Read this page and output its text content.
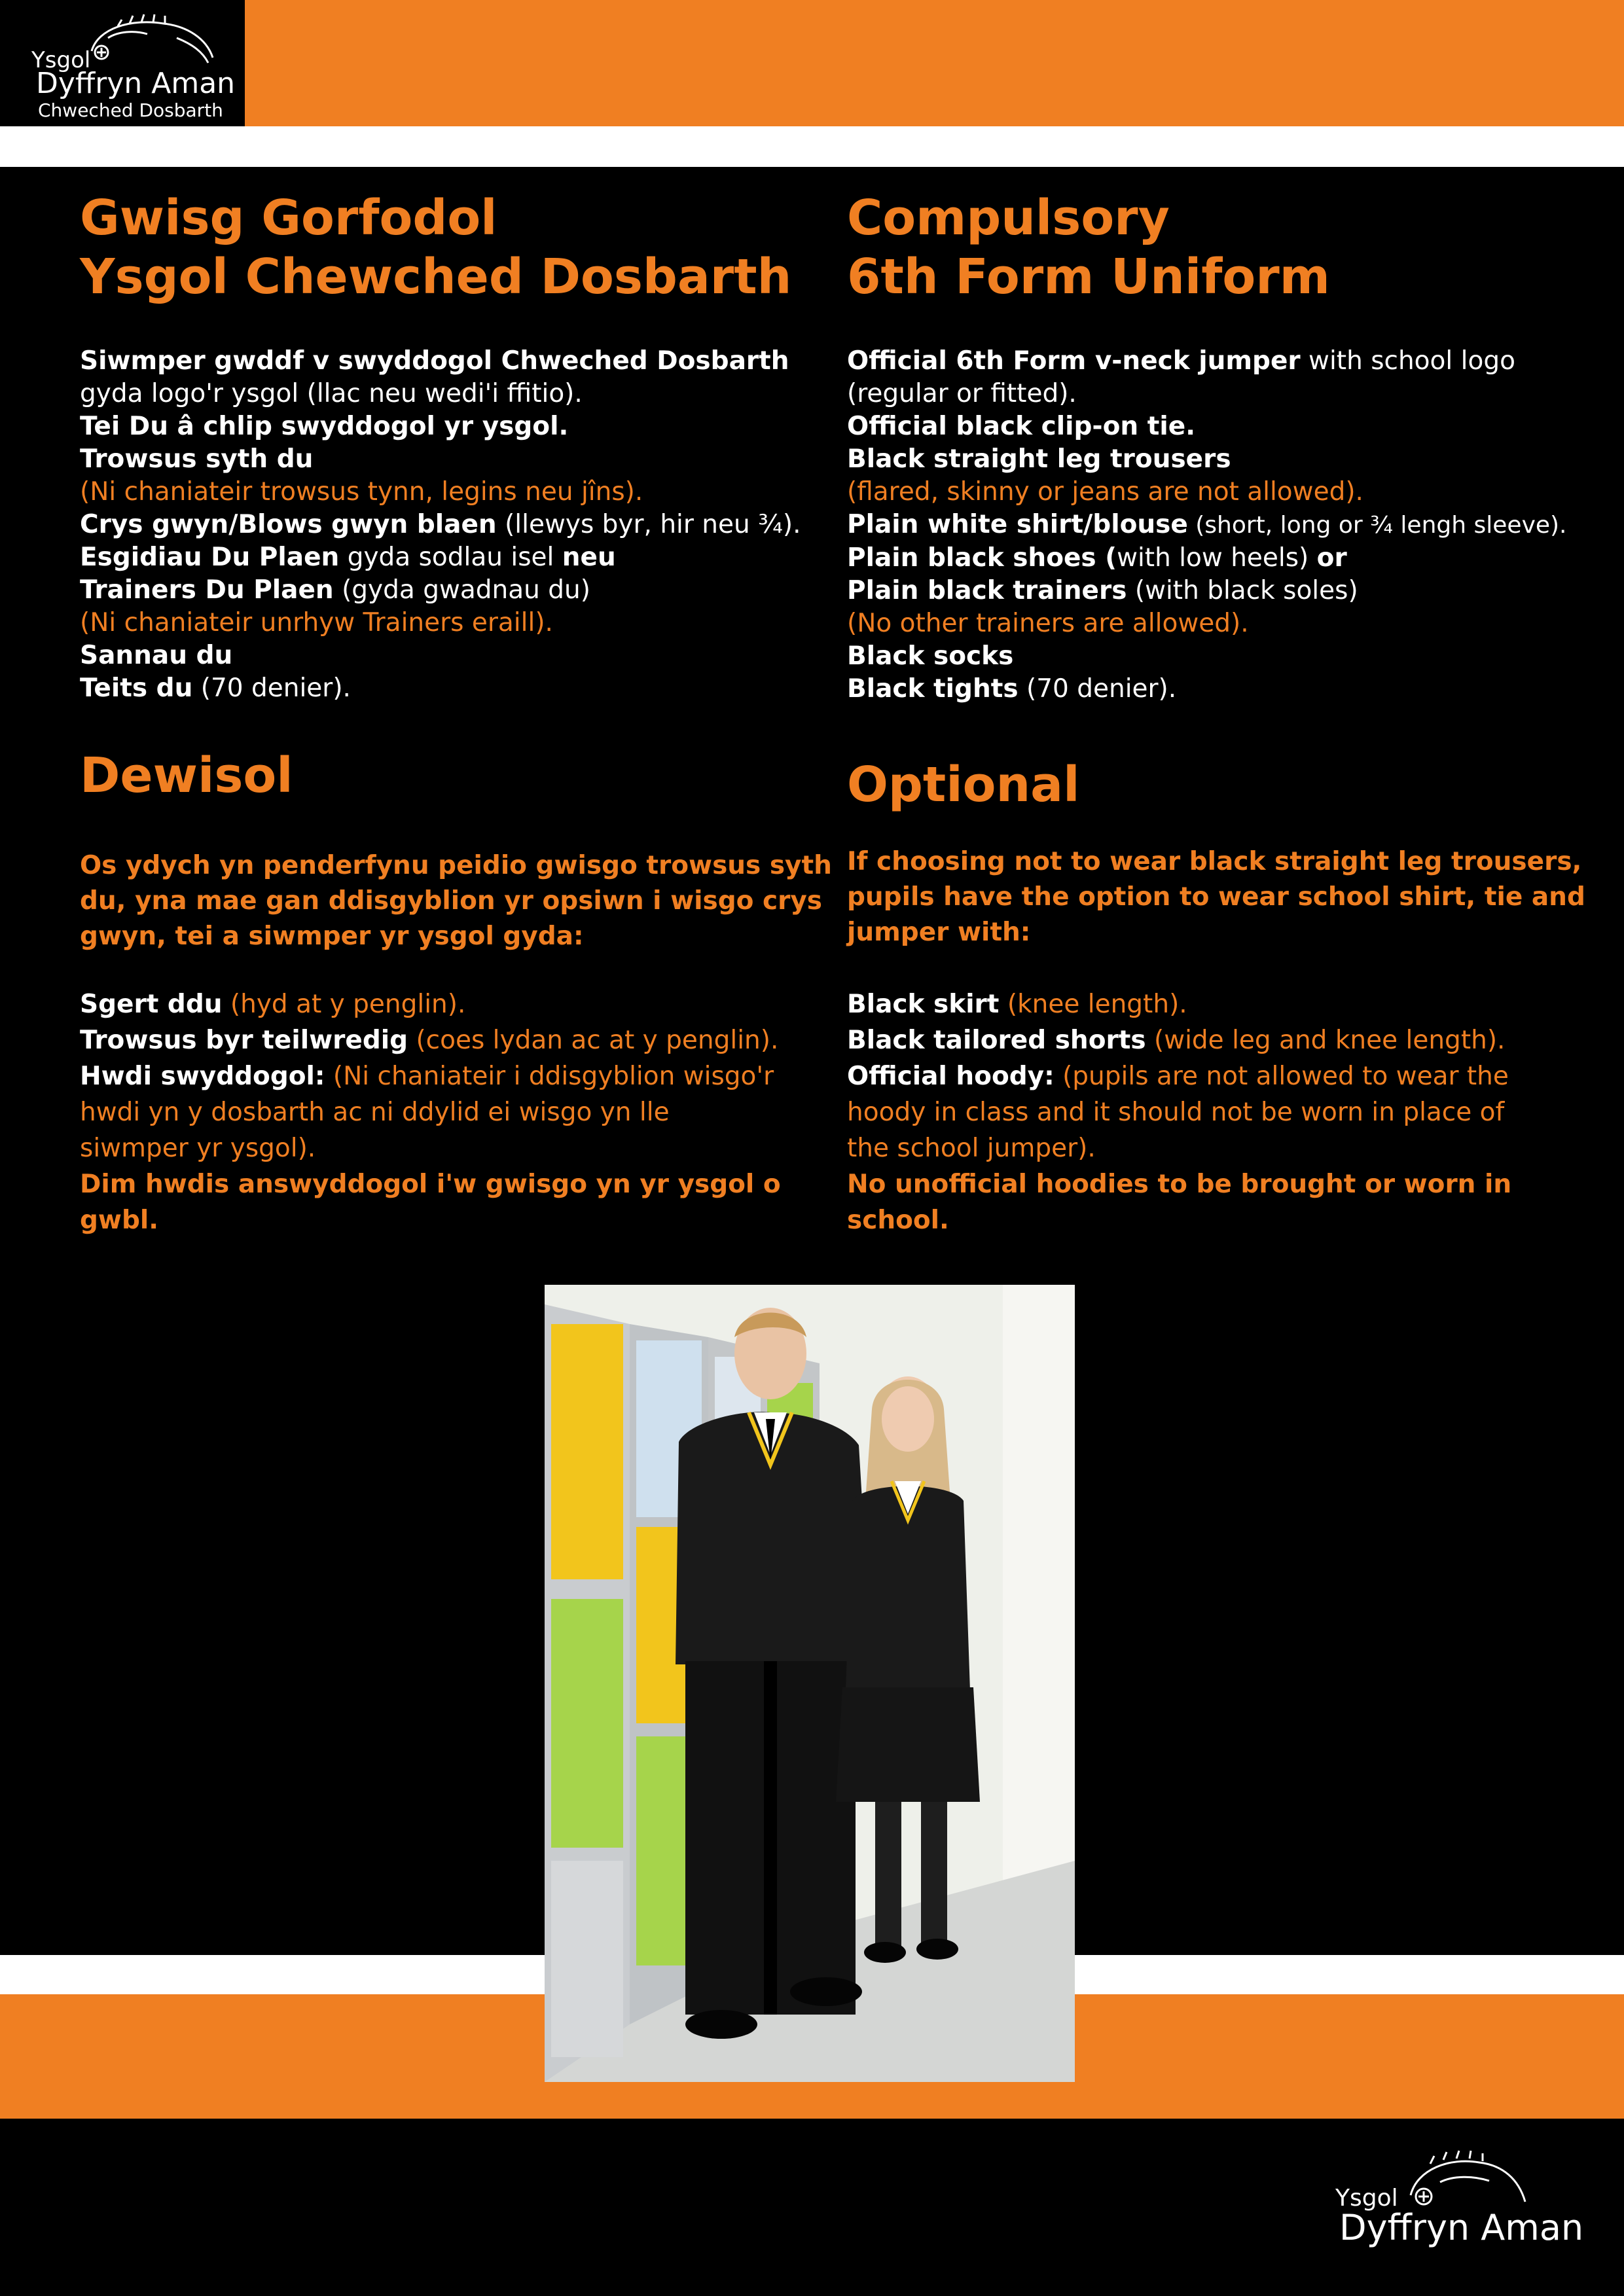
Ysgol
Dyffryn Aman
Chweched Dosbarth
Gwisg Gorfodol
Ysgol Chewched Dosbarth
Siwmper gwddf v swyddogol Chweched Dosbarth
gyda logo'r ysgol (llac neu wedi'i ffitio).
Tei Du â chlip swyddogol yr ysgol.
Trowsus syth du
(Ni chaniateir trowsus tynn, legins neu jîns).
Crys gwyn/Blows gwyn blaen (llewys byr, hir neu ¾).
Esgidiau Du Plaen gyda sodlau isel neu
Trainers Du Plaen (gyda gwadnau du)
(Ni chaniateir unrhyw Trainers eraill).
Sannau du
Teits du (70 denier).
Compulsory
6th Form Uniform
Official 6th Form v-neck jumper with school logo
(regular or fitted).
Official black clip-on tie.
Black straight leg trousers
(flared, skinny or jeans are not allowed).
Plain white shirt/blouse (short, long or ¾ lengh sleeve).
Plain black shoes (with low heels) or
Plain black trainers (with black soles)
(No other trainers are allowed).
Black socks
Black tights (70 denier).
Dewisol
Os ydych yn penderfynu peidio gwisgo trowsus syth
du, yna mae gan ddisgyblion yr opsiwn i wisgo crys
gwyn, tei a siwmper yr ysgol gyda:
Sgert ddu (hyd at y penglin).
Trowsus byr teilwredig (coes lydan ac at y penglin).
Hwdi swyddogol: (Ni chaniateir i ddisgyblion wisgo'r
hwdi yn y dosbarth ac ni ddylid ei wisgo yn lle
siwmper yr ysgol).
Dim hwdis answyddogol i'w gwisgo yn yr ysgol o
gwbl.
Optional
If choosing not to wear black straight leg trousers,
pupils have the option to wear school shirt, tie and
jumper with:
Black skirt (knee length).
Black tailored shorts (wide leg and knee length).
Official hoody: (pupils are not allowed to wear the
hoody in class and it should not be worn in place of
the school jumper).
No unofficial hoodies to be brought or worn in
school.
Ysgol
Dyffryn Aman
